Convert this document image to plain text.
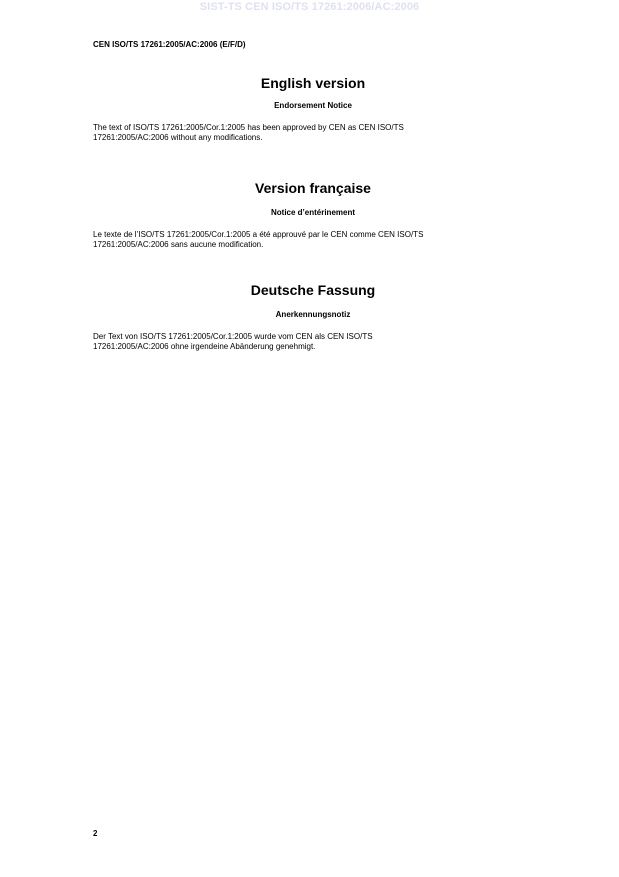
SIST-TS CEN ISO/TS 17261:2006/AC:2006
CEN ISO/TS 17261:2005/AC:2006 (E/F/D)
English version
Endorsement Notice

The text of ISO/TS 17261:2005/Cor.1:2005 has been approved by CEN as CEN ISO/TS
17261:2005/AC:2006 without any modifications.

Version française
Notice d’entérinement

Le texte de l’ISO/TS 17261:2005/Cor.1:2005 a été approuvé par le CEN comme CEN ISO/TS
17261:2005/AC:2006 sans aucune modification.

Deutsche Fassung
Anerkennungsnotiz

Der Text von ISO/TS 17261:2005/Cor.1:2005 wurde vom CEN als CEN ISO/TS
17261:2005/AC:2006 ohne irgendeine Abänderung genehmigt.

2
